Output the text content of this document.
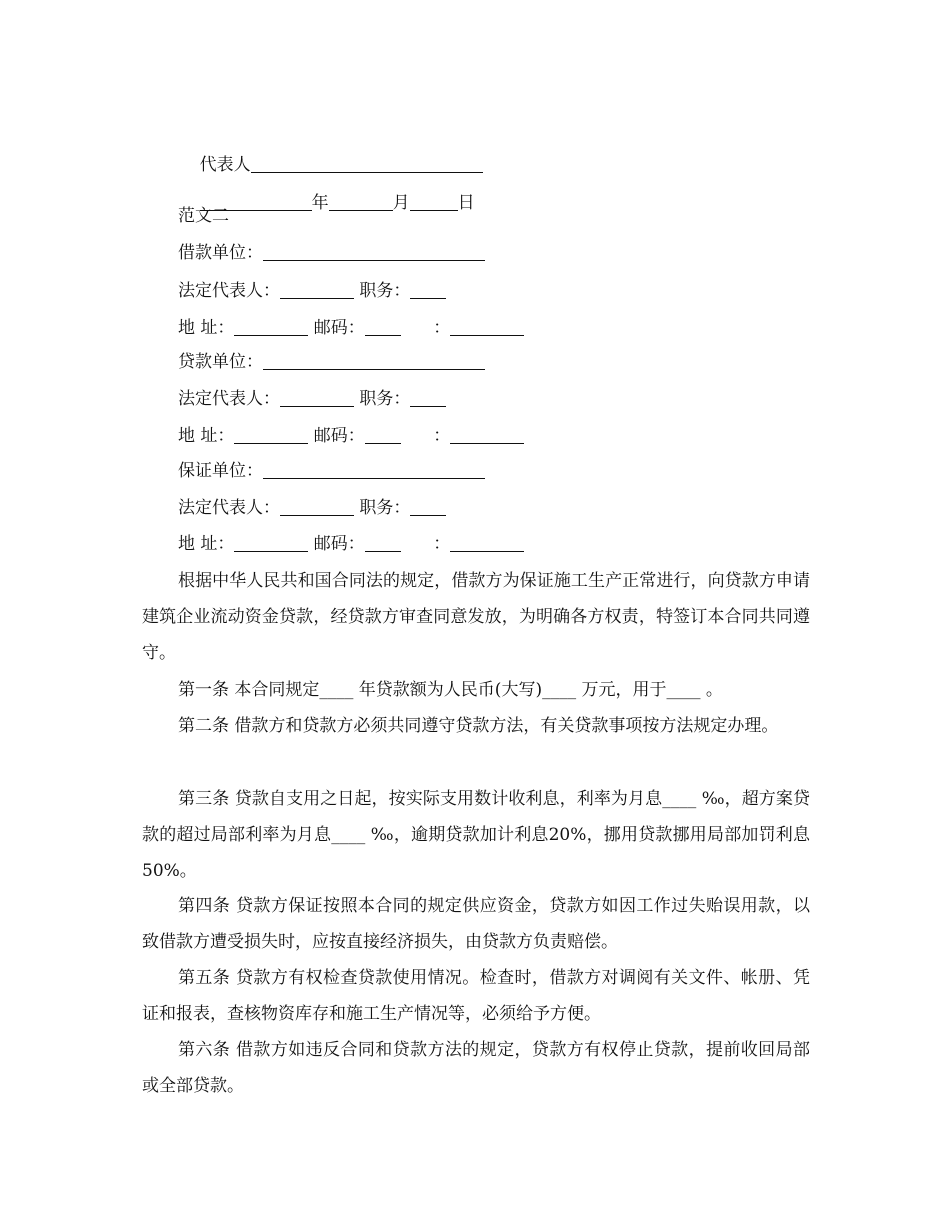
代表人

年	月	日

范文二
借款单位：
法定代表人：	职务：
地 址：	邮码：      ：
贷款单位：
法定代表人：	职务：
地 址：	邮码：      ：
保证单位：
法定代表人：	职务：
地 址：	邮码：      ：
根据中华人民共和国合同法的规定，借款方为保证施工生产正常进行，向贷款方申请建筑企业流动资金贷款，经贷款方审查同意发放，为明确各方权责，特签订本合同共同遵守。
第一条 本合同规定____ 年贷款额为人民币(大写)____ 万元，用于____ 。
第二条 借款方和贷款方必须共同遵守贷款方法，有关贷款事项按方法规定办理。
第三条 贷款自支用之日起，按实际支用数计收利息，利率为月息____ ‰，超方案贷款的超过局部利率为月息____ ‰，逾期贷款加计利息20%，挪用贷款挪用局部加罚利息50%。
第四条 贷款方保证按照本合同的规定供应资金，贷款方如因工作过失贻误用款，以致借款方遭受损失时，应按直接经济损失，由贷款方负责赔偿。
第五条 贷款方有权检查贷款使用情况。检查时，借款方对调阅有关文件、帐册、凭证和报表，查核物资库存和施工生产情况等，必须给予方便。
第六条 借款方如违反合同和贷款方法的规定，贷款方有权停止贷款，提前收回局部或全部贷款。
